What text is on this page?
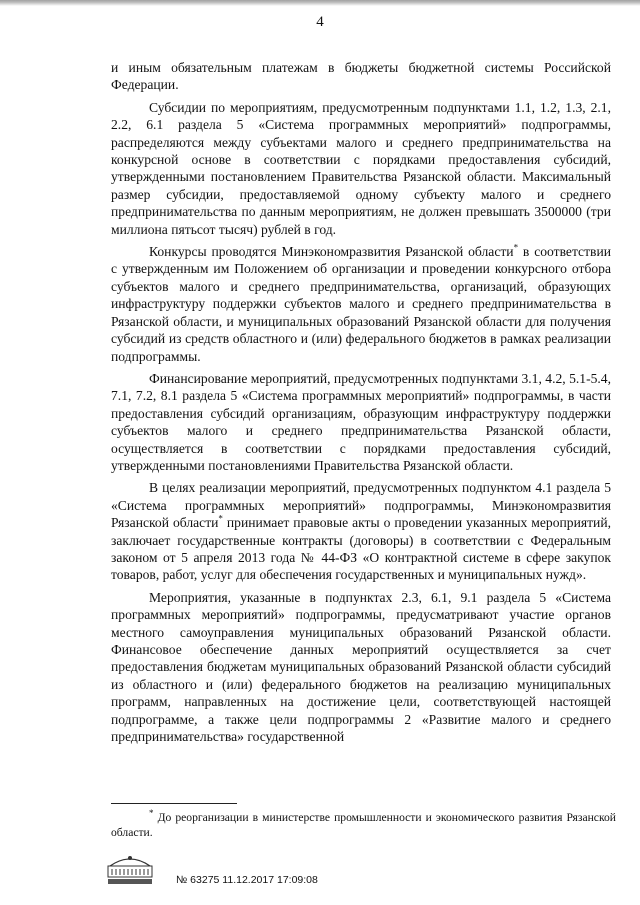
4

и иным обязательным платежам в бюджеты бюджетной системы Российской Федерации.

Субсидии по мероприятиям, предусмотренным подпунктами 1.1, 1.2, 1.3, 2.1, 2.2, 6.1 раздела 5 «Система программных мероприятий» подпрограммы, распределяются между субъектами малого и среднего предпринимательства на конкурсной основе в соответствии с порядками предоставления субсидий, утвержденными постановлением Правительства Рязанской области. Максимальный размер субсидии, предоставляемой одному субъекту малого и среднего предпринимательства по данным мероприятиям, не должен превышать 3500000 (три миллиона пятьсот тысяч) рублей в год.

Конкурсы проводятся Минэкономразвития Рязанской области* в соответствии с утвержденным им Положением об организации и проведении конкурсного отбора субъектов малого и среднего предпринимательства, организаций, образующих инфраструктуру поддержки субъектов малого и среднего предпринимательства в Рязанской области, и муниципальных образований Рязанской области для получения субсидий из средств областного и (или) федерального бюджетов в рамках реализации подпрограммы.

Финансирование мероприятий, предусмотренных подпунктами 3.1, 4.2, 5.1-5.4, 7.1, 7.2, 8.1 раздела 5 «Система программных мероприятий» подпрограммы, в части предоставления субсидий организациям, образующим инфраструктуру поддержки субъектов малого и среднего предпринимательства Рязанской области, осуществляется в соответствии с порядками предоставления субсидий, утвержденными постановлениями Правительства Рязанской области.

В целях реализации мероприятий, предусмотренных подпунктом 4.1 раздела 5 «Система программных мероприятий» подпрограммы, Минэкономразвития Рязанской области* принимает правовые акты о проведении указанных мероприятий, заключает государственные контракты (договоры) в соответствии с Федеральным законом от 5 апреля 2013 года № 44-ФЗ «О контрактной системе в сфере закупок товаров, работ, услуг для обеспечения государственных и муниципальных нужд».

Мероприятия, указанные в подпунктах 2.3, 6.1, 9.1 раздела 5 «Система программных мероприятий» подпрограммы, предусматривают участие органов местного самоуправления муниципальных образований Рязанской области. Финансовое обеспечение данных мероприятий осуществляется за счет предоставления бюджетам муниципальных образований Рязанской области субсидий из областного и (или) федерального бюджетов на реализацию муниципальных программ, направленных на достижение цели, соответствующей настоящей подпрограмме, а также цели подпрограммы 2 «Развитие малого и среднего предпринимательства» государственной

* До реорганизации в министерстве промышленности и экономического развития Рязанской области.

№ 63275 11.12.2017 17:09:08
